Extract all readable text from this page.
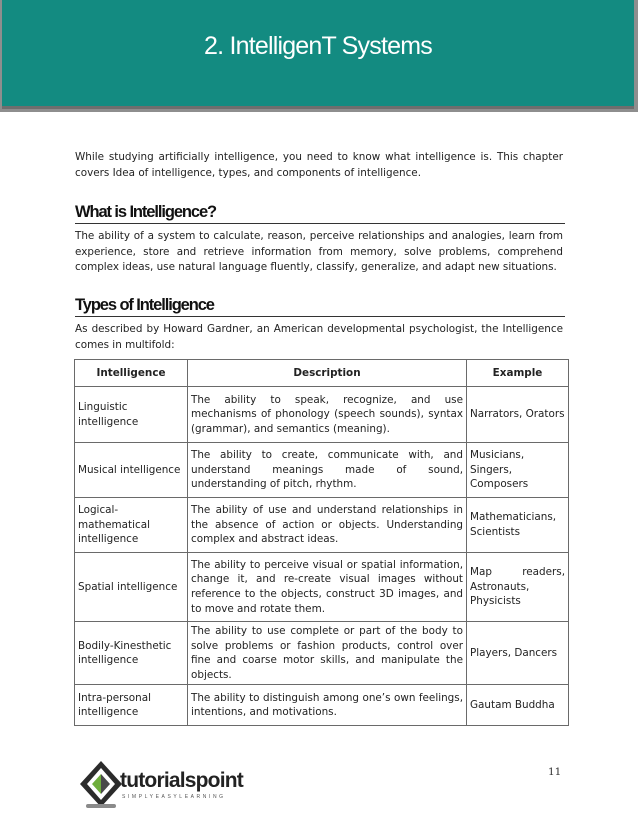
2. IntelligenT Systems

While studying artificially intelligence, you need to know what intelligence is. This chapter covers Idea of intelligence, types, and components of intelligence.

What is Intelligence?

The ability of a system to calculate, reason, perceive relationships and analogies, learn from experience, store and retrieve information from memory, solve problems, comprehend complex ideas, use natural language fluently, classify, generalize, and adapt new situations.

Types of Intelligence

As described by Howard Gardner, an American developmental psychologist, the Intelligence comes in multifold:

Intelligence	Description	Example
Linguistic intelligence	The ability to speak, recognize, and use mechanisms of phonology (speech sounds), syntax (grammar), and semantics (meaning).	Narrators, Orators
Musical intelligence	The ability to create, communicate with, and understand meanings made of sound, understanding of pitch, rhythm.	Musicians, Singers, Composers
Logical-mathematical intelligence	The ability of use and understand relationships in the absence of action or objects. Understanding complex and abstract ideas.	Mathematicians, Scientists
Spatial intelligence	The ability to perceive visual or spatial information, change it, and re-create visual images without reference to the objects, construct 3D images, and to move and rotate them.	Map readers, Astronauts, Physicists
Bodily-Kinesthetic intelligence	The ability to use complete or part of the body to solve problems or fashion products, control over fine and coarse motor skills, and manipulate the objects.	Players, Dancers
Intra-personal intelligence	The ability to distinguish among one’s own feelings, intentions, and motivations.	Gautam Buddha
tutorialspoint
SIMPLYEASYLEARNING
11
